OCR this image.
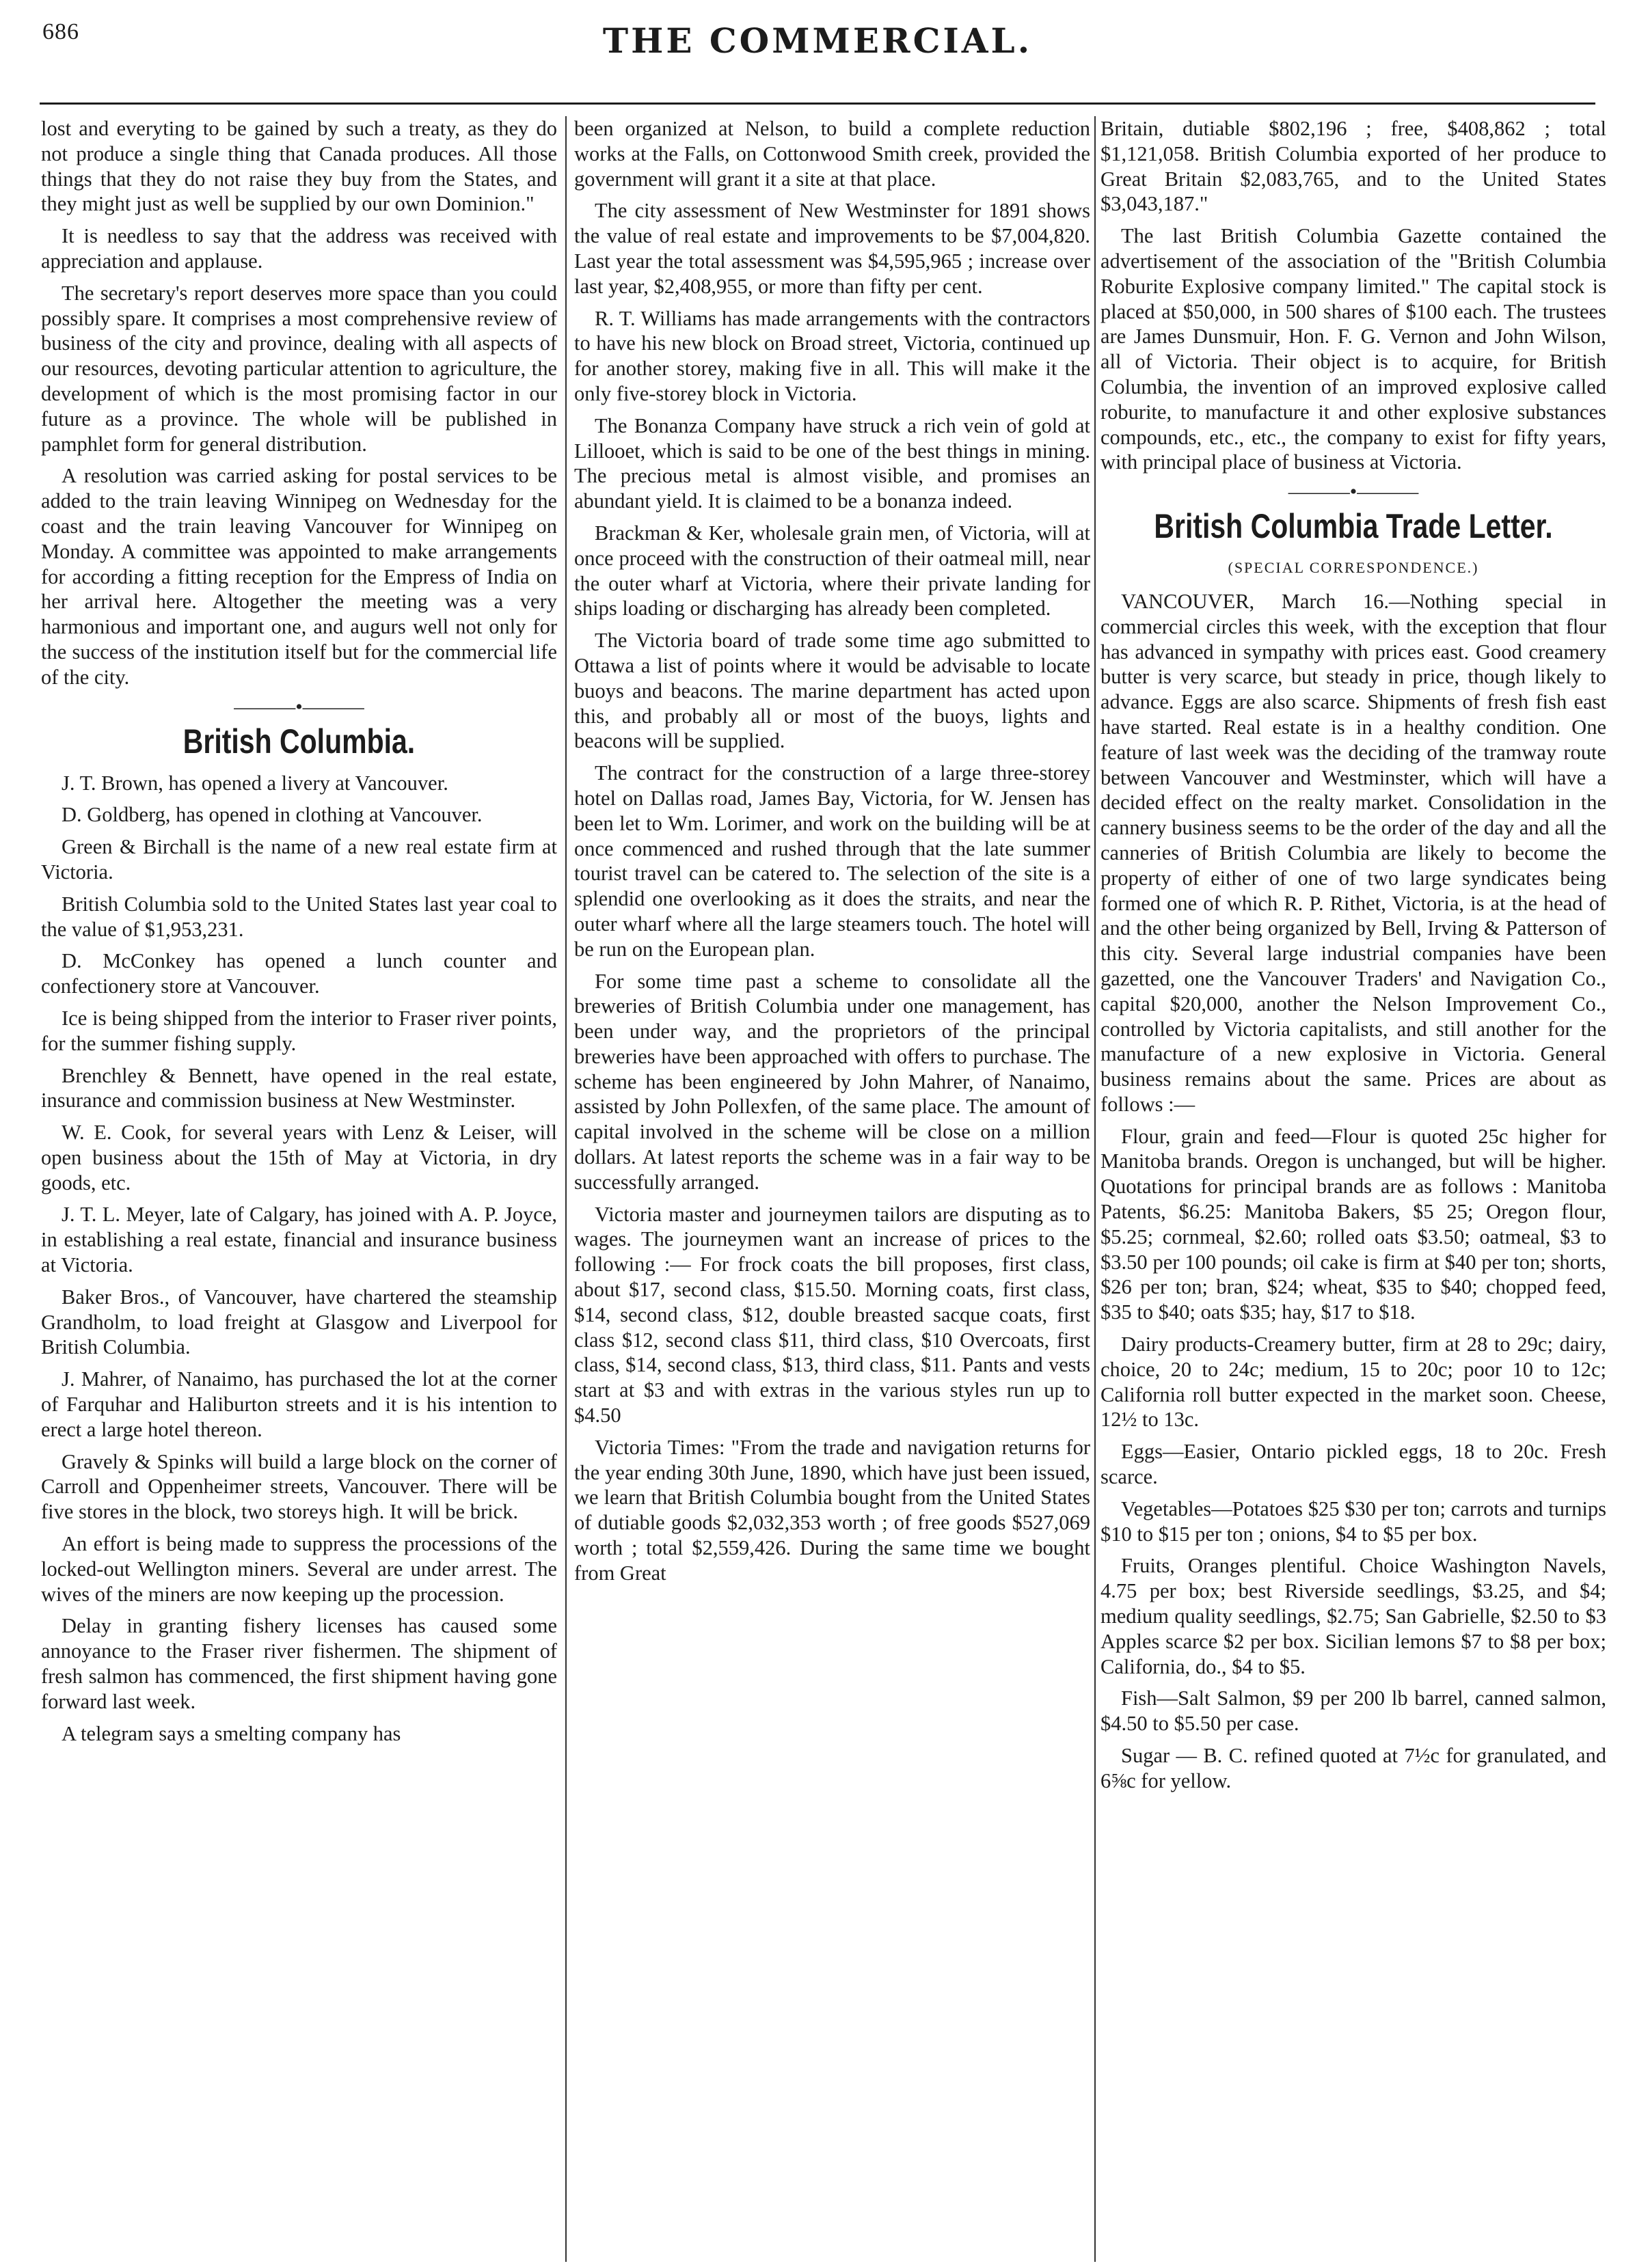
686	THE COMMERCIAL.

lost and everyting to be gained by such a treaty, as they do not produce a single thing that Canada produces. All those things that they do not raise they buy from the States, and they might just as well be supplied by our own Dominion."

It is needless to say that the address was received with appreciation and applause.

The secretary's report deserves more space than you could possibly spare. It comprises a most comprehensive review of business of the city and province, dealing with all aspects of our resources, devoting particular attention to agriculture, the development of which is the most promising factor in our future as a province. The whole will be published in pamphlet form for general distribution.

A resolution was carried asking for postal services to be added to the train leaving Winnipeg on Wednesday for the coast and the train leaving Vancouver for Winnipeg on Monday. A committee was appointed to make arrangements for according a fitting reception for the Empress of India on her arrival here. Altogether the meeting was a very harmonious and important one, and augurs well not only for the success of the institution itself but for the commercial life of the city.

———•———
British Columbia.

J. T. Brown, has opened a livery at Vancouver.

D. Goldberg, has opened in clothing at Vancouver.

Green & Birchall is the name of a new real estate firm at Victoria.

British Columbia sold to the United States last year coal to the value of $1,953,231.

D. McConkey has opened a lunch counter and confectionery store at Vancouver.

Ice is being shipped from the interior to Fraser river points, for the summer fishing supply.

Brenchley & Bennett, have opened in the real estate, insurance and commission business at New Westminster.

W. E. Cook, for several years with Lenz & Leiser, will open business about the 15th of May at Victoria, in dry goods, etc.

J. T. L. Meyer, late of Calgary, has joined with A. P. Joyce, in establishing a real estate, financial and insurance business at Victoria.

Baker Bros., of Vancouver, have chartered the steamship Grandholm, to load freight at Glasgow and Liverpool for British Columbia.

J. Mahrer, of Nanaimo, has purchased the lot at the corner of Farquhar and Haliburton streets and it is his intention to erect a large hotel thereon.

Gravely & Spinks will build a large block on the corner of Carroll and Oppenheimer streets, Vancouver. There will be five stores in the block, two storeys high. It will be brick.

An effort is being made to suppress the processions of the locked-out Wellington miners. Several are under arrest. The wives of the miners are now keeping up the procession.

Delay in granting fishery licenses has caused some annoyance to the Fraser river fishermen. The shipment of fresh salmon has commenced, the first shipment having gone forward last week.

A telegram says a smelting company has

been organized at Nelson, to build a complete reduction works at the Falls, on Cottonwood Smith creek, provided the government will grant it a site at that place.

The city assessment of New Westminster for 1891 shows the value of real estate and improvements to be $7,004,820. Last year the total assessment was $4,595,965 ; increase over last year, $2,408,955, or more than fifty per cent.

R. T. Williams has made arrangements with the contractors to have his new block on Broad street, Victoria, continued up for another storey, making five in all. This will make it the only five-storey block in Victoria.

The Bonanza Company have struck a rich vein of gold at Lillooet, which is said to be one of the best things in mining. The precious metal is almost visible, and promises an abundant yield. It is claimed to be a bonanza indeed.

Brackman & Ker, wholesale grain men, of Victoria, will at once proceed with the construction of their oatmeal mill, near the outer wharf at Victoria, where their private landing for ships loading or discharging has already been completed.

The Victoria board of trade some time ago submitted to Ottawa a list of points where it would be advisable to locate buoys and beacons. The marine department has acted upon this, and probably all or most of the buoys, lights and beacons will be supplied.

The contract for the construction of a large three-storey hotel on Dallas road, James Bay, Victoria, for W. Jensen has been let to Wm. Lorimer, and work on the building will be at once commenced and rushed through that the late summer tourist travel can be catered to. The selection of the site is a splendid one overlooking as it does the straits, and near the outer wharf where all the large steamers touch. The hotel will be run on the European plan.

For some time past a scheme to consolidate all the breweries of British Columbia under one management, has been under way, and the proprietors of the principal breweries have been approached with offers to purchase. The scheme has been engineered by John Mahrer, of Nanaimo, assisted by John Pollexfen, of the same place. The amount of capital involved in the scheme will be close on a million dollars. At latest reports the scheme was in a fair way to be successfully arranged.

Victoria master and journeymen tailors are disputing as to wages. The journeymen want an increase of prices to the following :— For frock coats the bill proposes, first class, about $17, second class, $15.50. Morning coats, first class, $14, second class, $12, double breasted sacque coats, first class $12, second class $11, third class, $10 Overcoats, first class, $14, second class, $13, third class, $11. Pants and vests start at $3 and with extras in the various styles run up to $4.50

Victoria Times: "From the trade and navigation returns for the year ending 30th June, 1890, which have just been issued, we learn that British Columbia bought from the United States of dutiable goods $2,032,353 worth ; of free goods $527,069 worth ; total $2,559,426. During the same time we bought from Great

Britain, dutiable $802,196 ; free, $408,862 ; total $1,121,058. British Columbia exported of her produce to Great Britain $2,083,765, and to the United States $3,043,187."

The last British Columbia Gazette contained the advertisement of the association of the "British Columbia Roburite Explosive company limited." The capital stock is placed at $50,000, in 500 shares of $100 each. The trustees are James Dunsmuir, Hon. F. G. Vernon and John Wilson, all of Victoria. Their object is to acquire, for British Columbia, the invention of an improved explosive called roburite, to manufacture it and other explosive substances compounds, etc., etc., the company to exist for fifty years, with principal place of business at Victoria.

———•———
British Columbia Trade Letter.
(SPECIAL CORRESPONDENCE.)

VANCOUVER, March 16.—Nothing special in commercial circles this week, with the exception that flour has advanced in sympathy with prices east. Good creamery butter is very scarce, but steady in price, though likely to advance. Eggs are also scarce. Shipments of fresh fish east have started. Real estate is in a healthy condition. One feature of last week was the deciding of the tramway route between Vancouver and Westminster, which will have a decided effect on the realty market. Consolidation in the cannery business seems to be the order of the day and all the canneries of British Columbia are likely to become the property of either of one of two large syndicates being formed one of which R. P. Rithet, Victoria, is at the head of and the other being organized by Bell, Irving & Patterson of this city. Several large industrial companies have been gazetted, one the Vancouver Traders' and Navigation Co., capital $20,000, another the Nelson Improvement Co., controlled by Victoria capitalists, and still another for the manufacture of a new explosive in Victoria. General business remains about the same. Prices are about as follows :—

Flour, grain and feed—Flour is quoted 25c higher for Manitoba brands. Oregon is unchanged, but will be higher. Quotations for principal brands are as follows : Manitoba Patents, $6.25: Manitoba Bakers, $5 25; Oregon flour, $5.25; cornmeal, $2.60; rolled oats $3.50; oatmeal, $3 to $3.50 per 100 pounds; oil cake is firm at $40 per ton; shorts, $26 per ton; bran, $24; wheat, $35 to $40; chopped feed, $35 to $40; oats $35; hay, $17 to $18.

Dairy products-Creamery butter, firm at 28 to 29c; dairy, choice, 20 to 24c; medium, 15 to 20c; poor 10 to 12c; California roll butter expected in the market soon. Cheese, 12½ to 13c.

Eggs—Easier, Ontario pickled eggs, 18 to 20c. Fresh scarce.

Vegetables—Potatoes $25 $30 per ton; carrots and turnips $10 to $15 per ton ; onions, $4 to $5 per box.

Fruits, Oranges plentiful. Choice Washington Navels, 4.75 per box; best Riverside seedlings, $3.25, and $4; medium quality seedlings, $2.75; San Gabrielle, $2.50 to $3 Apples scarce $2 per box. Sicilian lemons $7 to $8 per box; California, do., $4 to $5.

Fish—Salt Salmon, $9 per 200 lb barrel, canned salmon, $4.50 to $5.50 per case.

Sugar — B. C. refined quoted at 7½c for granulated, and 6⅝c for yellow.
